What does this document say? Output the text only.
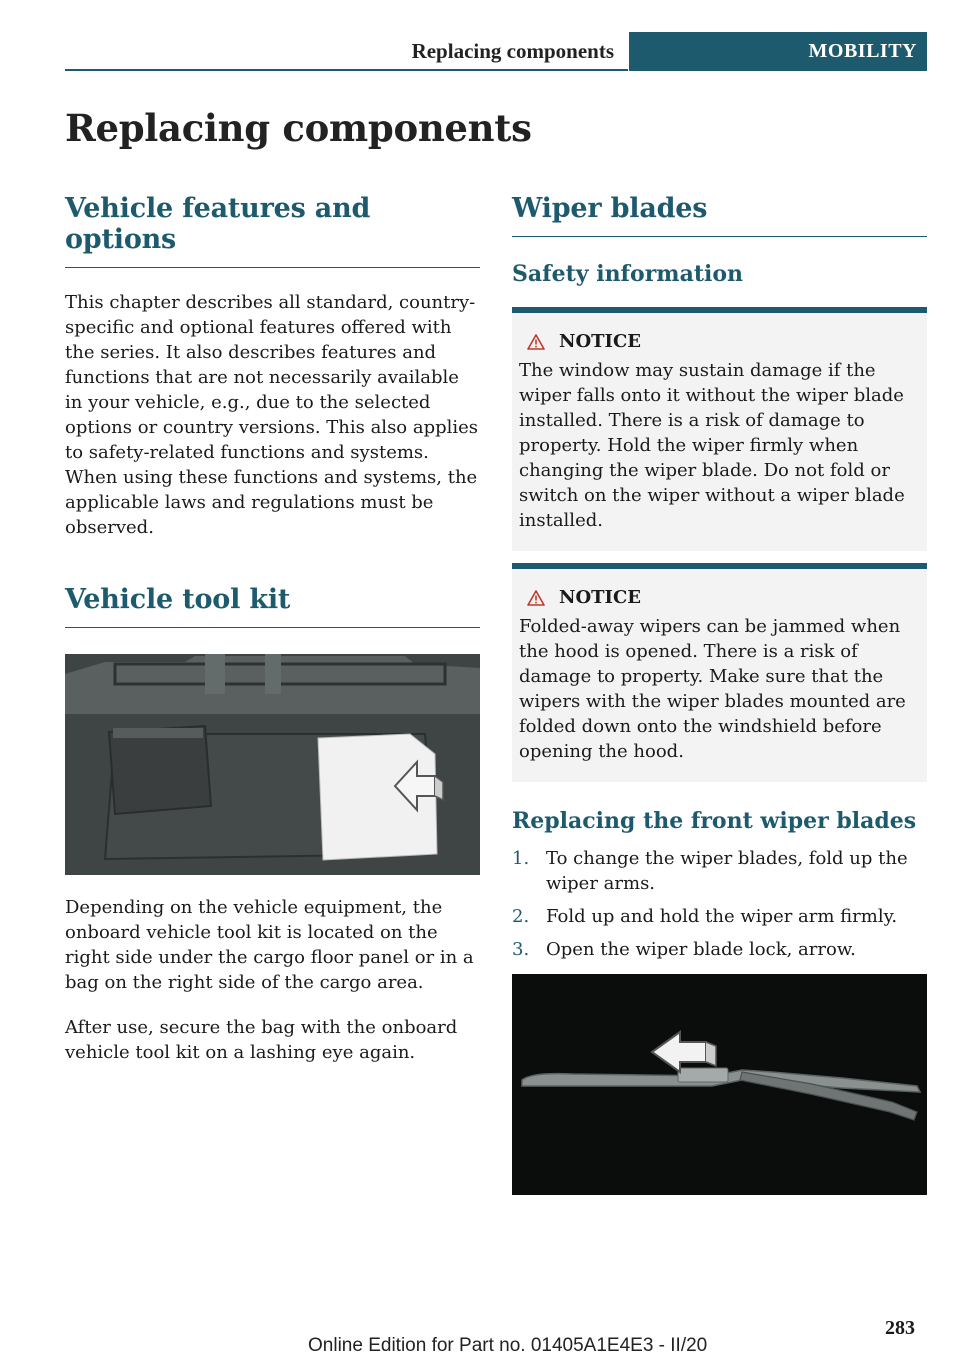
Replacing components	MOBILITY
Replacing components
Vehicle features and options

This chapter describes all standard, country-specific and optional features offered with the series. It also describes features and functions that are not necessarily available in your vehicle, e.g., due to the selected options or country versions. This also applies to safety-related functions and systems. When using these functions and systems, the applicable laws and regulations must be observed.

Vehicle tool kit

Depending on the vehicle equipment, the onboard vehicle tool kit is located on the right side under the cargo floor panel or in a bag on the right side of the cargo area.

After use, secure the bag with the onboard vehicle tool kit on a lashing eye again.

Wiper blades
Safety information
NOTICE

The window may sustain damage if the wiper falls onto it without the wiper blade installed. There is a risk of damage to property. Hold the wiper firmly when changing the wiper blade. Do not fold or switch on the wiper without a wiper blade installed.

NOTICE

Folded-away wipers can be jammed when the hood is opened. There is a risk of damage to property. Make sure that the wipers with the wiper blades mounted are folded down onto the windshield before opening the hood.

Replacing the front wiper blades
1. To change the wiper blades, fold up the wiper arms.
2. Fold up and hold the wiper arm firmly.
3. Open the wiper blade lock, arrow.
283
Online Edition for Part no. 01405A1E4E3 - II/20
